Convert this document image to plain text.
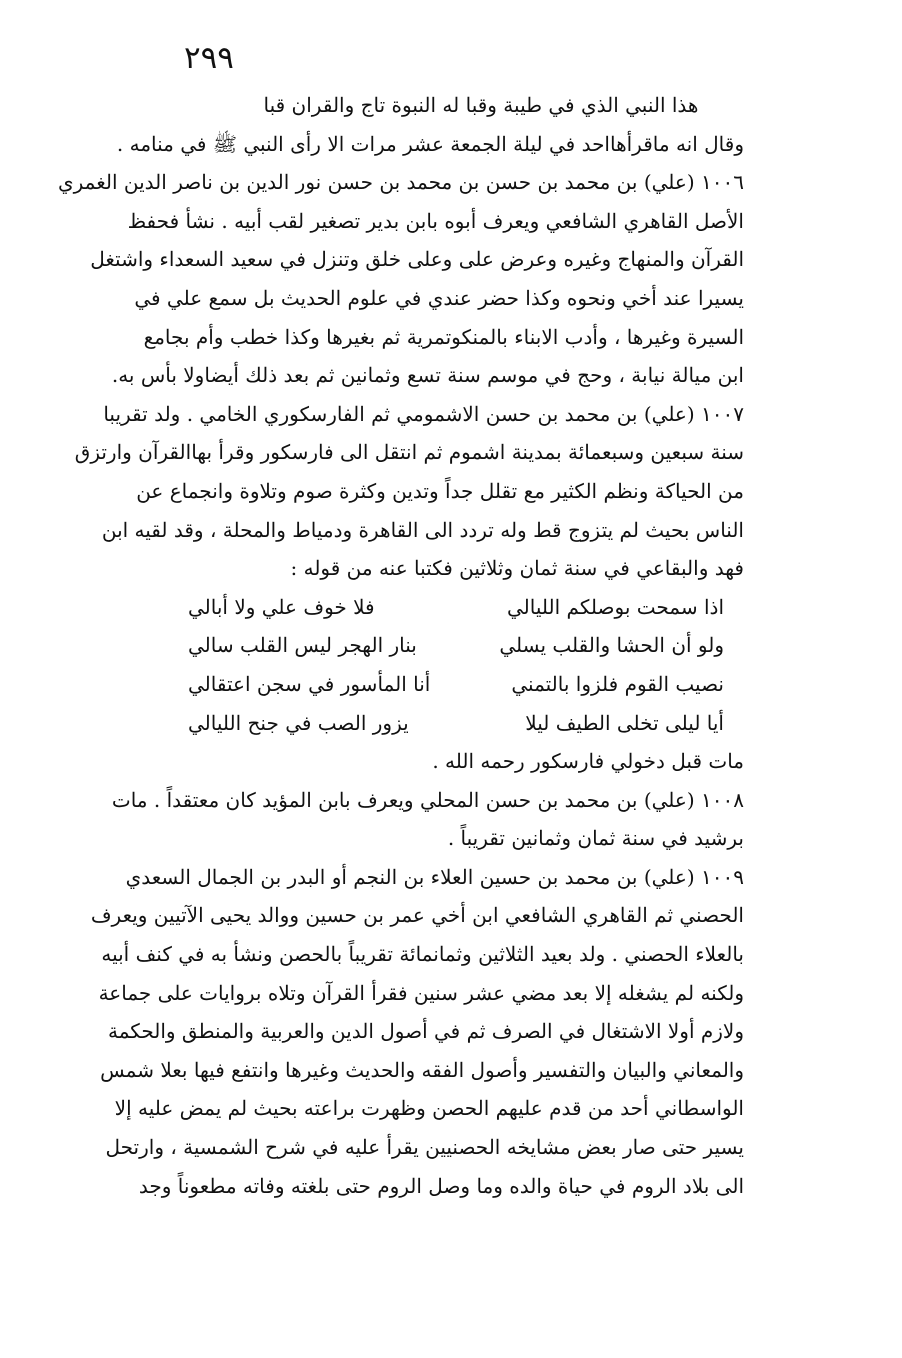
٢٩٩
هذا النبي الذي في طيبة وقبا له النبوة تاج والقران قبا
وقال انه ماقرأهااحد في ليلة الجمعة عشر مرات الا رأى النبي ﷺ في منامه .
١٠٠٦ (علي) بن محمد بن حسن بن محمد بن حسن نور الدين بن ناصر الدين الغمري
الأصل القاهري الشافعي ويعرف أبوه بابن بدير تصغير لقب أبيه . نشأ فحفظ
القرآن والمنهاج وغيره وعرض على وعلى خلق وتنزل في سعيد السعداء واشتغل
يسيرا عند أخي ونحوه وكذا حضر عندي في علوم الحديث بل سمع علي في
السيرة وغيرها ، وأدب الابناء بالمنكوتمرية ثم بغيرها وكذا خطب وأم بجامع
ابن ميالة نيابة ، وحج في موسم سنة تسع وثمانين ثم بعد ذلك أيضاولا بأس به.
١٠٠٧ (علي) بن محمد بن حسن الاشمومي ثم الفارسكوري الخامي . ولد تقريبا
سنة سبعين وسبعمائة بمدينة اشموم ثم انتقل الى فارسكور وقرأ بهاالقرآن وارتزق
من الحياكة ونظم الكثير مع تقلل جداً وتدين وكثرة صوم وتلاوة وانجماع عن
الناس بحيث لم يتزوج قط وله تردد الى القاهرة ودمياط والمحلة ، وقد لقيه ابن
فهد والبقاعي في سنة ثمان وثلاثين فكتبا عنه من قوله :
اذا سمحت بوصلكم الليالي
فلا خوف علي ولا أبالي
ولو أن الحشا والقلب يسلي
بنار الهجر ليس القلب سالي
نصيب القوم فلزوا بالتمني
أنا المأسور في سجن اعتقالي
أيا ليلى تخلى الطيف ليلا
يزور الصب في جنح الليالي
مات قبل دخولي فارسكور رحمه الله .
١٠٠٨ (علي) بن محمد بن حسن المحلي ويعرف بابن المؤيد كان معتقداً . مات
برشيد في سنة ثمان وثمانين تقريباً .
١٠٠٩ (علي) بن محمد بن حسين العلاء بن النجم أو البدر بن الجمال السعدي
الحصني ثم القاهري الشافعي ابن أخي عمر بن حسين ووالد يحيى الآتيين ويعرف
بالعلاء الحصني . ولد بعيد الثلاثين وثمانمائة تقريباً بالحصن ونشأ به في كنف أبيه
ولكنه لم يشغله إلا بعد مضي عشر سنين فقرأ القرآن وتلاه بروايات على جماعة
ولازم أولا الاشتغال في الصرف ثم في أصول الدين والعربية والمنطق والحكمة
والمعاني والبيان والتفسير وأصول الفقه والحديث وغيرها وانتفع فيها بعلا شمس
الواسطاني أحد من قدم عليهم الحصن وظهرت براعته بحيث لم يمض عليه إلا
يسير حتى صار بعض مشايخه الحصنيين يقرأ عليه في شرح الشمسية ، وارتحل
الى بلاد الروم في حياة والده وما وصل الروم حتى بلغته وفاته مطعوناً وجد
